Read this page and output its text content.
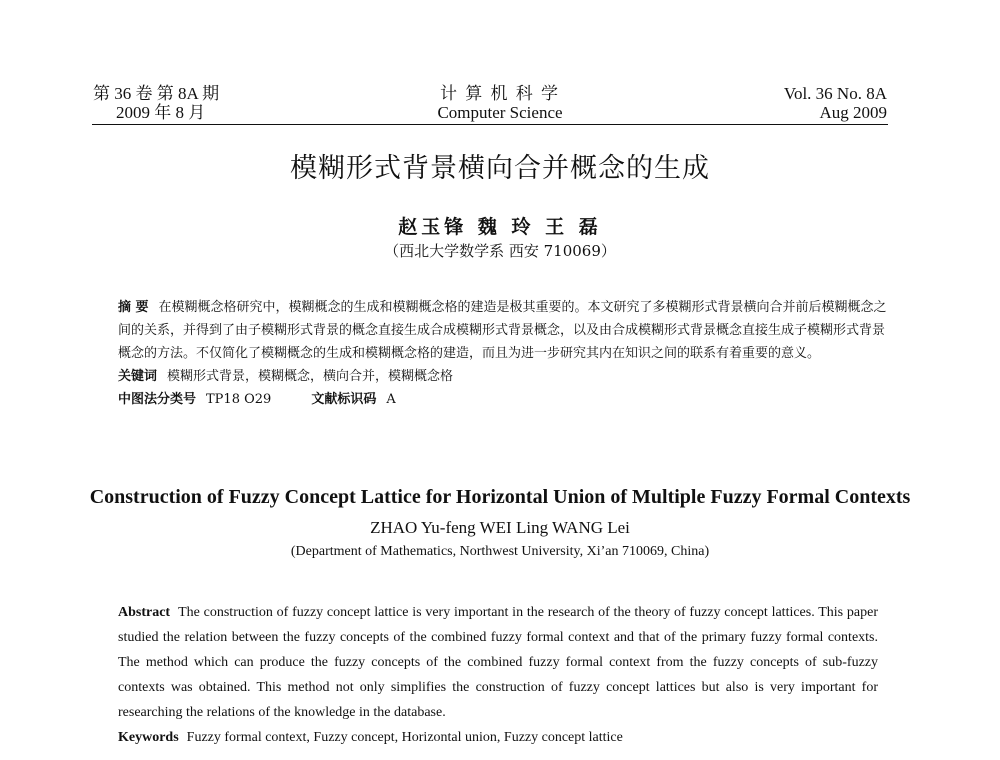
第 36 卷 第 8A 期
2009 年 8 月
计 算 机 科 学
Computer Science
Vol. 36 No. 8A
Aug 2009
模糊形式背景横向合并概念的生成
赵玉锋 魏 玲 王 磊
（西北大学数学系 西安 710069）

摘 要 在模糊概念格研究中，模糊概念的生成和模糊概念格的建造是极其重要的。本文研究了多模糊形式背景横向合并前后模糊概念之间的关系，并得到了由子模糊形式背景的概念直接生成合成模糊形式背景概念，以及由合成模糊形式背景概念直接生成子模糊形式背景概念的方法。不仅简化了模糊概念的生成和模糊概念格的建造，而且为进一步研究其内在知识之间的联系有着重要的意义。

关键词 模糊形式背景，模糊概念，横向合并，模糊概念格

中图法分类号 TP18 O29	文献标识码 A

Construction of Fuzzy Concept Lattice for Horizontal Union of Multiple Fuzzy Formal Contexts
ZHAO Yu-feng WEI Ling WANG Lei
(Department of Mathematics, Northwest University, Xi’an 710069, China)

Abstract The construction of fuzzy concept lattice is very important in the research of the theory of fuzzy concept lattices. This paper studied the relation between the fuzzy concepts of the combined fuzzy formal context and that of the primary fuzzy formal contexts. The method which can produce the fuzzy concepts of the combined fuzzy formal context from the fuzzy concepts of sub-fuzzy contexts was obtained. This method not only simplifies the construction of fuzzy concept lattices but also is very important for researching the relations of the knowledge in the database.

Keywords Fuzzy formal context, Fuzzy concept, Horizontal union, Fuzzy concept lattice
